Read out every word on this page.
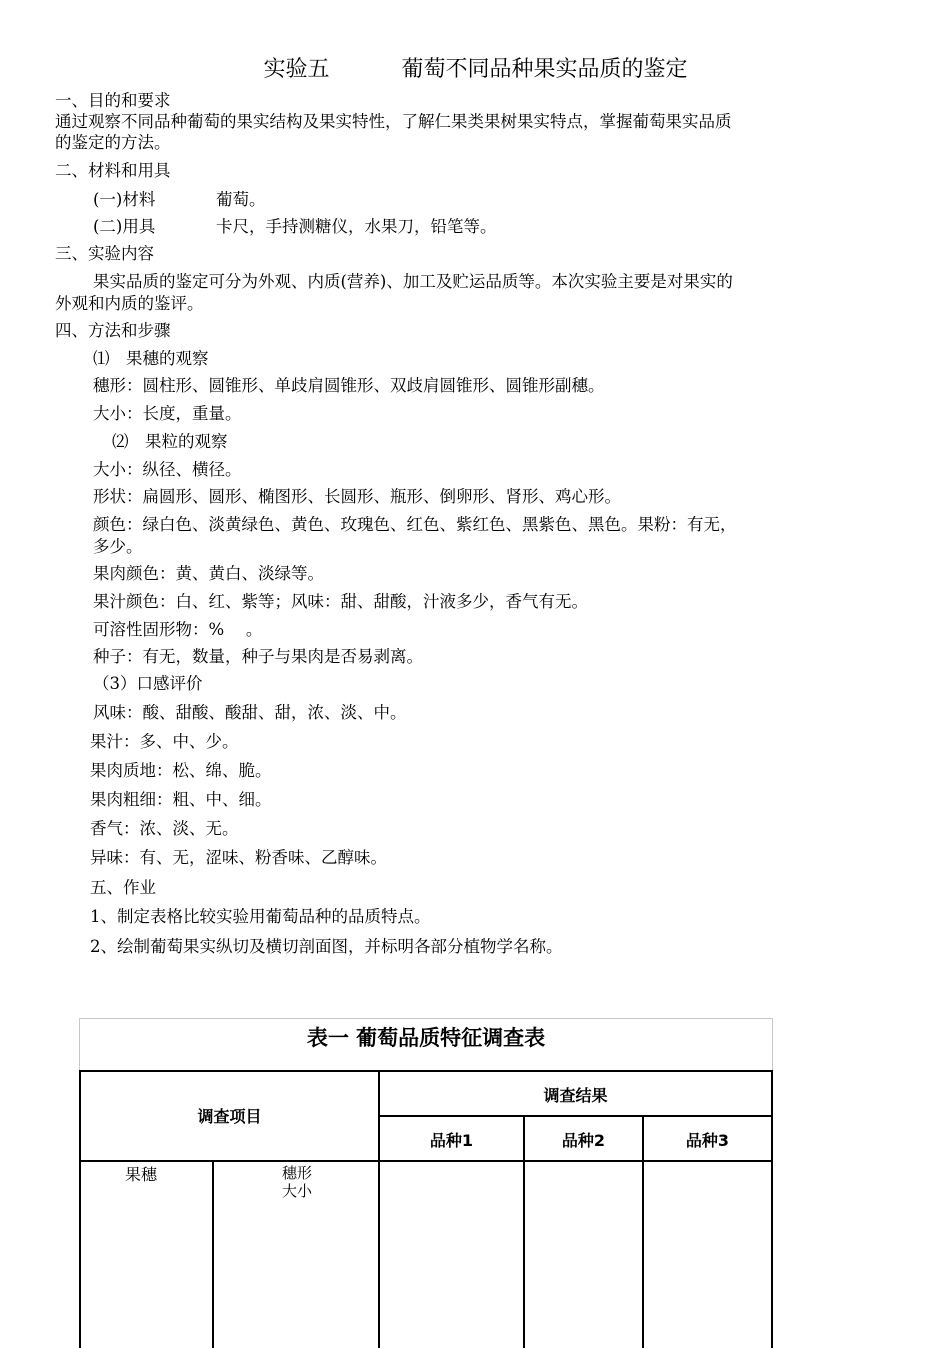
实验五	葡萄不同品种果实品质的鉴定
一、目的和要求
通过观察不同品种葡萄的果实结构及果实特性，了解仁果类果树果实特点，掌握葡萄果实品质
的鉴定的方法。
二、材料和用具
(一)材料	葡萄。
(二)用具	卡尺，手持测糖仪，水果刀，铅笔等。
三、实验内容
果实品质的鉴定可分为外观、内质(营养)、加工及贮运品质等。本次实验主要是对果实的
外观和内质的鉴评。
四、方法和步骤
⑴　果穗的观察
穗形：圆柱形、圆锥形、单歧肩圆锥形、双歧肩圆锥形、圆锥形副穗。
大小：长度，重量。
⑵　果粒的观察
大小：纵径、横径。
形状：扁圆形、圆形、椭图形、长圆形、瓶形、倒卵形、肾形、鸡心形。
颜色：绿白色、淡黄绿色、黄色、玫瑰色、红色、紫红色、黑紫色、黑色。果粉：有无，
多少。
果肉颜色：黄、黄白、淡绿等。
果汁颜色：白、红、紫等；风味：甜、甜酸，汁液多少，香气有无。
可溶性固形物：%　 。
种子：有无，数量，种子与果肉是否易剥离。
（3）口感评价
风味：酸、甜酸、酸甜、甜，浓、淡、中。
果汁：多、中、少。
果肉质地：松、绵、脆。
果肉粗细：粗、中、细。
香气：浓、淡、无。
异味：有、无，涩味、粉香味、乙醇味。
五、作业
1、制定表格比较实验用葡萄品种的品质特点。
2、绘制葡萄果实纵切及横切剖面图，并标明各部分植物学名称。
表一 葡萄品质特征调查表
调查项目
调查结果
品种1	品种2	品种3
果穗	穗形
大小
